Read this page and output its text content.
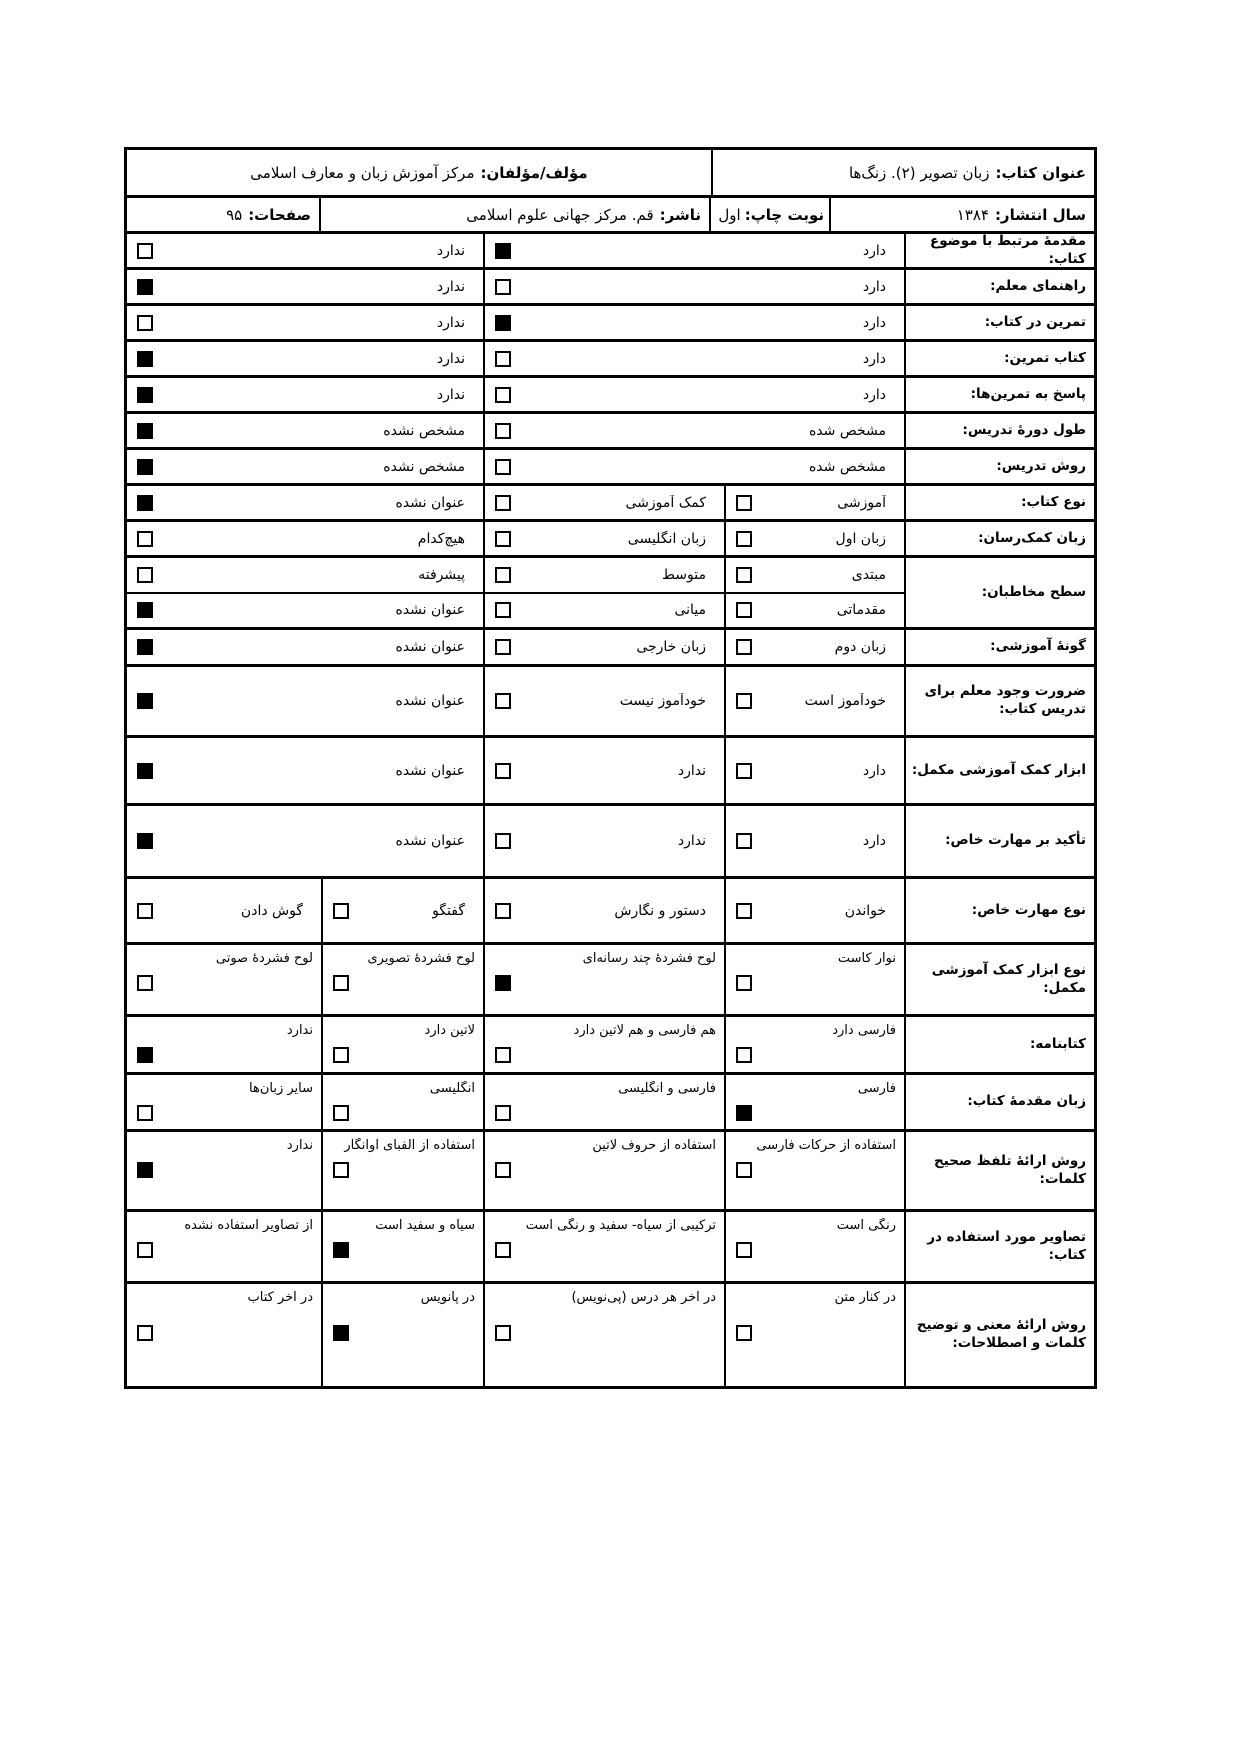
عنوان کتاب:
زبان تصویر (۲). زنگ‌ها
مؤلف/مؤلفان:
مرکز آموزش زبان و معارف اسلامی
سال انتشار:
۱۳۸۴
نوبت چاپ:
اول
ناشر:
قم. مرکز جهانی علوم اسلامی
صفحات:
۹۵
مقدمۀ مرتبط با موضوع کتاب:
دارد
ندارد
راهنمای معلم:
دارد
ندارد
تمرین در کتاب:
دارد
ندارد
کتاب تمرین:
دارد
ندارد
پاسخ به تمرین‌ها:
دارد
ندارد
طول دورۀ تدریس:
مشخص شده
مشخص نشده
روش تدریس:
مشخص شده
مشخص نشده
نوع کتاب:
آموزشی
کمک آموزشی
عنوان نشده
زبان کمک‌رسان:
زبان اول
زبان انگلیسی
هیچ‌کدام
سطح مخاطبان:
مبتدی
متوسط
پیشرفته
مقدماتی
میانی
عنوان نشده
گونۀ آموزشی:
زبان دوم
زبان خارجی
عنوان نشده
ضرورت وجود معلم برای تدریس کتاب:
خودآموز است
خودآموز نیست
عنوان نشده
ابزار کمک آموزشی مکمل:
دارد
ندارد
عنوان نشده
تأکید بر مهارت خاص:
دارد
ندارد
عنوان نشده
نوع مهارت خاص:
خواندن
دستور و نگارش
گفتگو
گوش دادن
نوع ابزار کمک آموزشی مکمل:
نوار کاست
لوح فشردۀ چند رسانه‌ای
لوح فشردۀ تصویری
لوح فشردۀ صوتی
کتابنامه:
فارسی دارد
هم فارسی و هم لاتین دارد
لاتین دارد
ندارد
زبان مقدمۀ کتاب:
فارسی
فارسی و انگلیسی
انگلیسی
سایر زبان‌ها
روش ارائۀ تلفظ صحیح کلمات:
استفاده از حرکات فارسی
استفاده از حروف لاتین
استفاده از الفبای آوانگار
ندارد
تصاویر مورد استفاده در کتاب:
رنگی است
ترکیبی از سیاه- سفید و رنگی است
سیاه و سفید است
از تصاویر استفاده نشده
روش ارائۀ معنی و توضیح کلمات و اصطلاحات:
در کنار متن
در آخر هر درس (پی‌نویس)
در پانویس
در آخر کتاب
